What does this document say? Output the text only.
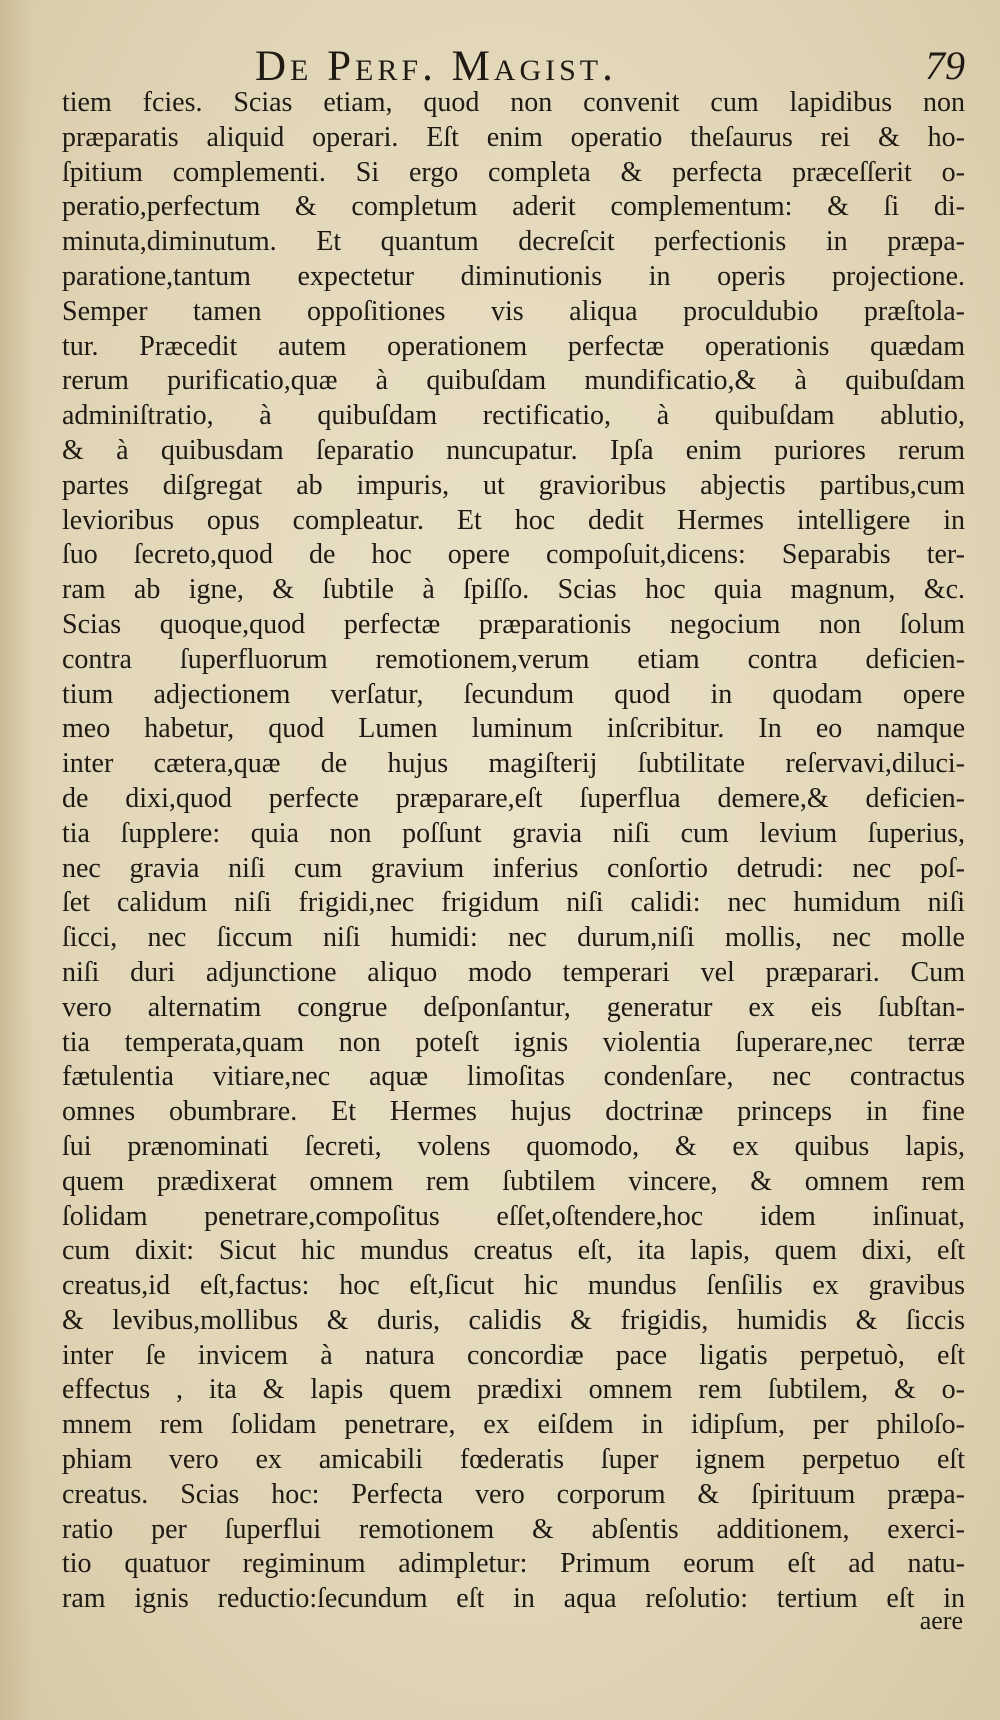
De Perf. Magist.	79
tiem fcies. Scias etiam, quod non convenit cum lapidibus non
præparatis aliquid operari. Eſt enim operatio theſaurus rei & ho-
ſpitium complementi. Si ergo completa & perfecta præceſſerit o-
peratio,perfectum & completum aderit complementum: & ſi di-
minuta,diminutum. Et quantum decreſcit perfectionis in præpa-
paratione,tantum expectetur diminutionis in operis projectione.
Semper tamen oppoſitiones vis aliqua proculdubio præſtola-
tur. Præcedit autem operationem perfectæ operationis quædam
rerum purificatio,quæ à quibuſdam mundificatio,& à quibuſdam
adminiſtratio, à quibuſdam rectificatio, à quibuſdam ablutio,
& à quibusdam ſeparatio nuncupatur. Ipſa enim puriores rerum
partes diſgregat ab impuris, ut gravioribus abjectis partibus,cum
levioribus opus compleatur. Et hoc dedit Hermes intelligere in
ſuo ſecreto,quod de hoc opere compoſuit,dicens: Separabis ter-
ram ab igne, & ſubtile à ſpiſſo. Scias hoc quia magnum, &c.
Scias quoque,quod perfectæ præparationis negocium non ſolum
contra ſuperfluorum remotionem,verum etiam contra deficien-
tium adjectionem verſatur, ſecundum quod in quodam opere
meo habetur, quod Lumen luminum inſcribitur. In eo namque
inter cætera,quæ de hujus magiſterij ſubtilitate reſervavi,diluci-
de dixi,quod perfecte præparare,eſt ſuperflua demere,& deficien-
tia ſupplere: quia non poſſunt gravia niſi cum levium ſuperius,
nec gravia niſi cum gravium inferius conſortio detrudi: nec poſ-
ſet calidum niſi frigidi,nec frigidum niſi calidi: nec humidum niſi
ſicci, nec ſiccum niſi humidi: nec durum,niſi mollis, nec molle
niſi duri adjunctione aliquo modo temperari vel præparari. Cum
vero alternatim congrue deſponſantur, generatur ex eis ſubſtan-
tia temperata,quam non poteſt ignis violentia ſuperare,nec terræ
fætulentia vitiare,nec aquæ limoſitas condenſare, nec contractus
omnes obumbrare. Et Hermes hujus doctrinæ princeps in fine
ſui prænominati ſecreti, volens quomodo, & ex quibus lapis,
quem prædixerat omnem rem ſubtilem vincere, & omnem rem
ſolidam penetrare,compoſitus eſſet,oſtendere,hoc idem inſinuat,
cum dixit: Sicut hic mundus creatus eſt, ita lapis, quem dixi, eſt
creatus,id eſt,factus: hoc eſt,ſicut hic mundus ſenſilis ex gravibus
& levibus,mollibus & duris, calidis & frigidis, humidis & ſiccis
inter ſe invicem à natura concordiæ pace ligatis perpetuò, eſt
effectus , ita & lapis quem prædixi omnem rem ſubtilem, & o-
mnem rem ſolidam penetrare, ex eiſdem in idipſum, per philoſo-
phiam vero ex amicabili fœderatis ſuper ignem perpetuo eſt
creatus. Scias hoc: Perfecta vero corporum & ſpirituum præpa-
ratio per ſuperflui remotionem & abſentis additionem, exerci-
tio quatuor regiminum adimpletur: Primum eorum eſt ad natu-
ram ignis reductio:ſecundum eſt in aqua reſolutio: tertium eſt in
aere
